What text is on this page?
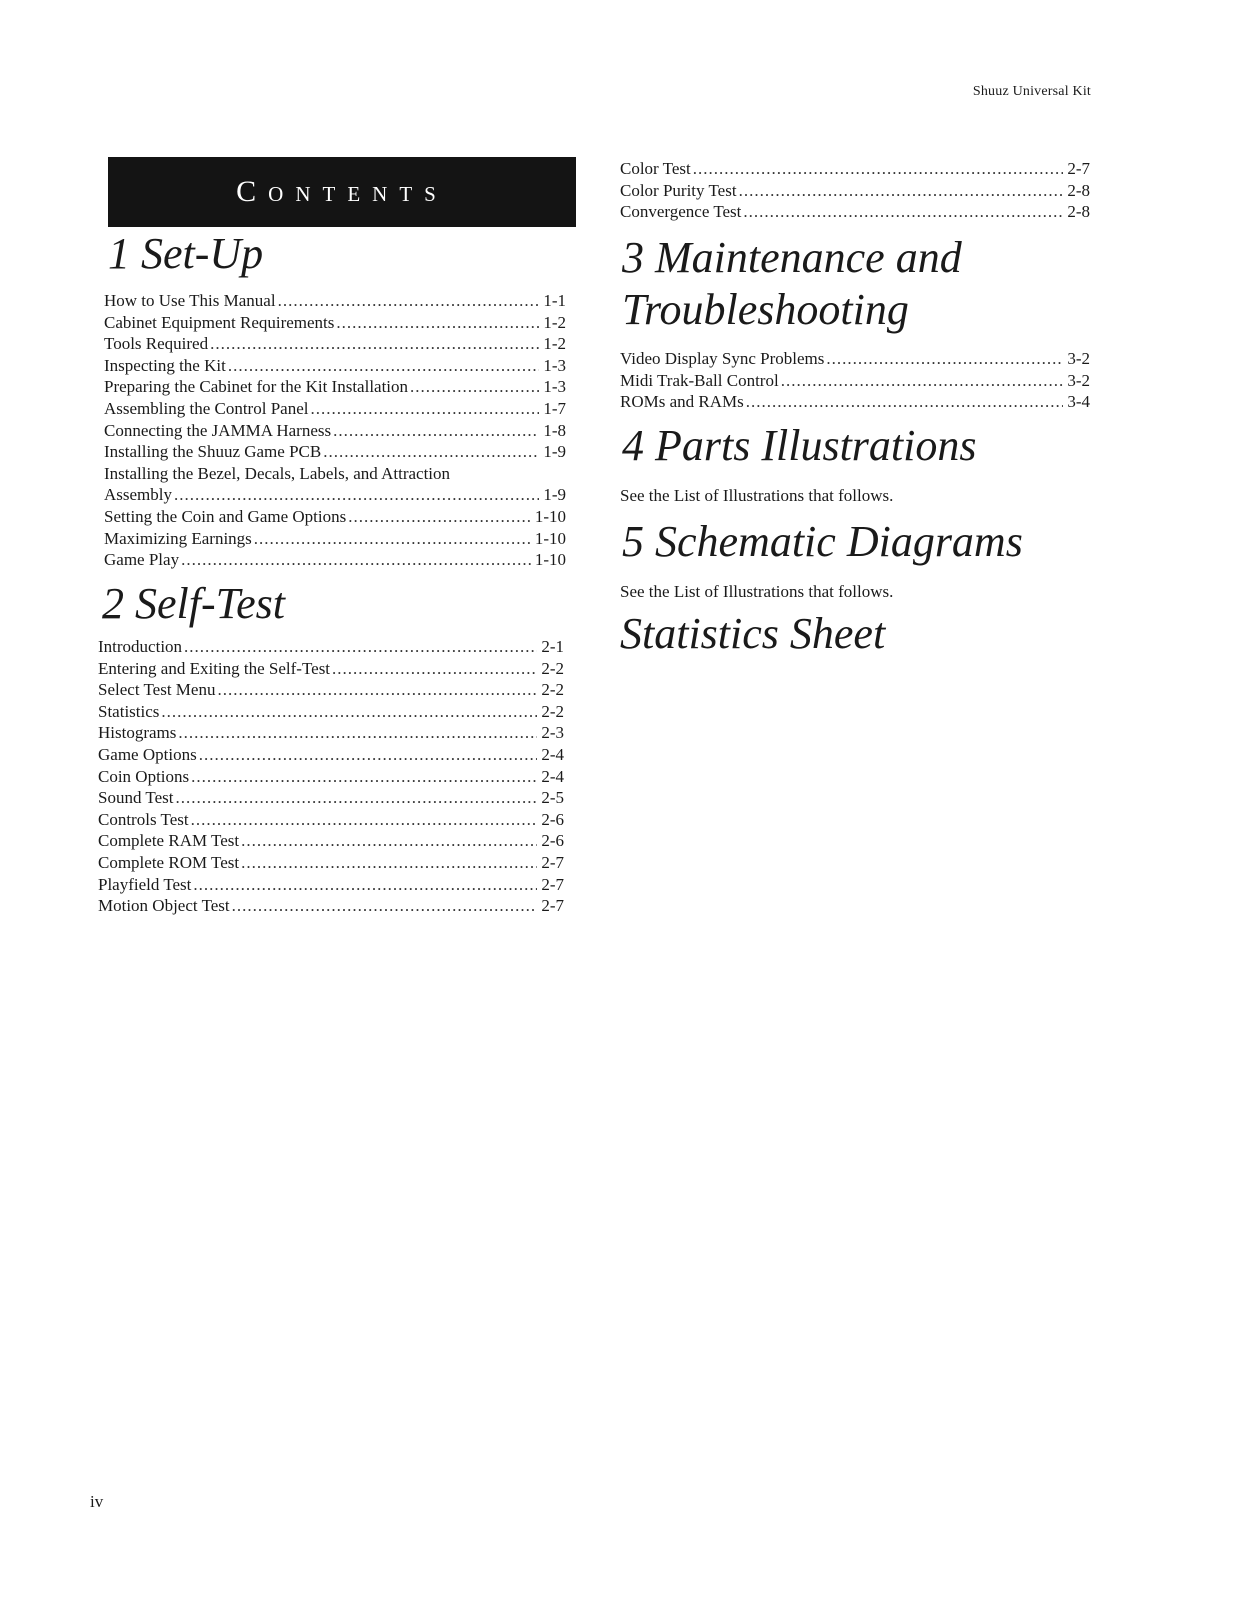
Shuuz Universal Kit
Contents
1 Set-Up
How to Use This Manual .....	1-1
Cabinet Equipment Requirements .....	1-2
Tools Required .....	1-2
Inspecting the Kit .....	1-3
Preparing the Cabinet for the Kit Installation .....	1-3
Assembling the Control Panel .....	1-7
Connecting the JAMMA Harness .....	1-8
Installing the Shuuz Game PCB .....	1-9
Installing the Bezel, Decals, Labels, and Attraction
Assembly .....	1-9
Setting the Coin and Game Options .....	1-10
Maximizing Earnings .....	1-10
Game Play .....	1-10
2 Self-Test
Introduction .....	2-1
Entering and Exiting the Self-Test .....	2-2
Select Test Menu .....	2-2
Statistics .....	2-2
Histograms .....	2-3
Game Options .....	2-4
Coin Options .....	2-4
Sound Test .....	2-5
Controls Test .....	2-6
Complete RAM Test .....	2-6
Complete ROM Test .....	2-7
Playfield Test .....	2-7
Motion Object Test .....	2-7
Color Test .....	2-7
Color Purity Test .....	2-8
Convergence Test .....	2-8
3 Maintenance and
Troubleshooting
Video Display Sync Problems .....	3-2
Midi Trak-Ball Control .....	3-2
ROMs and RAMs .....	3-4
4 Parts Illustrations

See the List of Illustrations that follows.

5 Schematic Diagrams

See the List of Illustrations that follows.

Statistics Sheet
iv
